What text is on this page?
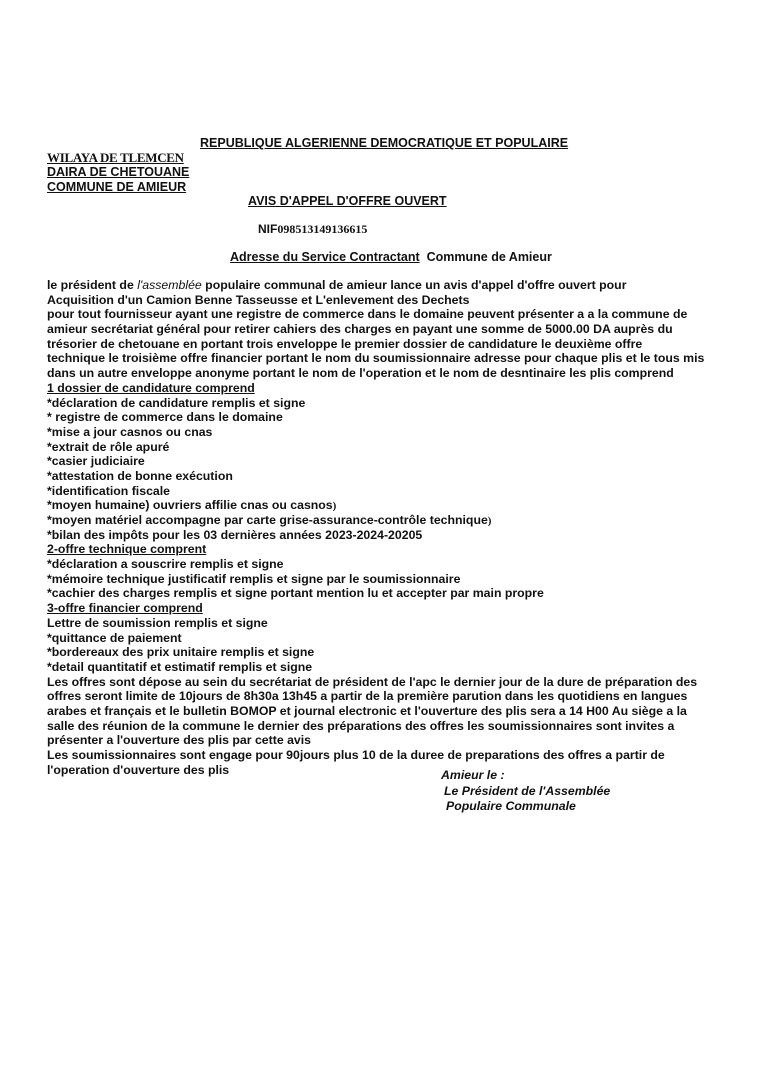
REPUBLIQUE ALGERIENNE DEMOCRATIQUE ET POPULAIRE
WILAYA DE TLEMCEN
DAIRA DE CHETOUANE
COMMUNE DE AMIEUR
AVIS D'APPEL D'OFFRE OUVERT
NIF098513149136615
Adresse du Service Contractant Commune de Amieur
le président de l'assemblée populaire communal de amieur lance un avis d'appel d'offre ouvert pour
Acquisition d'un Camion Benne Tasseusse et L'enlevement des Dechets
pour tout fournisseur ayant une registre de commerce dans le domaine peuvent présenter a a la commune de
amieur secrétariat général pour retirer cahiers des charges en payant une somme de 5000.00 DA auprès du
trésorier de chetouane en portant trois enveloppe le premier dossier de candidature le deuxième offre
technique le troisième offre financier portant le nom du soumissionnaire adresse pour chaque plis et le tous mis
dans un autre enveloppe anonyme portant le nom de l'operation et le nom de desntinaire les plis comprend
1 dossier de candidature comprend
*déclaration de candidature remplis et signe
* registre de commerce dans le domaine
*mise a jour casnos ou cnas
*extrait de rôle apuré
*casier judiciaire
*attestation de bonne exécution
*identification fiscale
*moyen humaine) ouvriers affilie cnas ou casnos)
*moyen matériel accompagne par carte grise-assurance-contrôle technique)
*bilan des impôts pour les 03 dernières années 2023-2024-20205
2-offre technique comprent
*déclaration a souscrire remplis et signe
*mémoire technique justificatif remplis et signe par le soumissionnaire
*cachier des charges remplis et signe portant mention lu et accepter par main propre
3-offre financier comprend
Lettre de soumission remplis et signe
*quittance de paiement
*bordereaux des prix unitaire remplis et signe
*detail quantitatif et estimatif remplis et signe
Les offres sont dépose au sein du secrétariat de président de l'apc le dernier jour de la dure de préparation des
offres seront limite de 10jours de 8h30a 13h45 a partir de la première parution dans les quotidiens en langues
arabes et français et le bulletin BOMOP et journal electronic et l'ouverture des plis sera a 14 H00 Au siège a la
salle des réunion de la commune le dernier des préparations des offres les soumissionnaires sont invites a
présenter a l'ouverture des plis par cette avis
Les soumissionnaires sont engage pour 90jours plus 10 de la duree de preparations des offres a partir de
l'operation d'ouverture des plis	Amieur le :
Le Président de l'Assemblée
Populaire Communale
